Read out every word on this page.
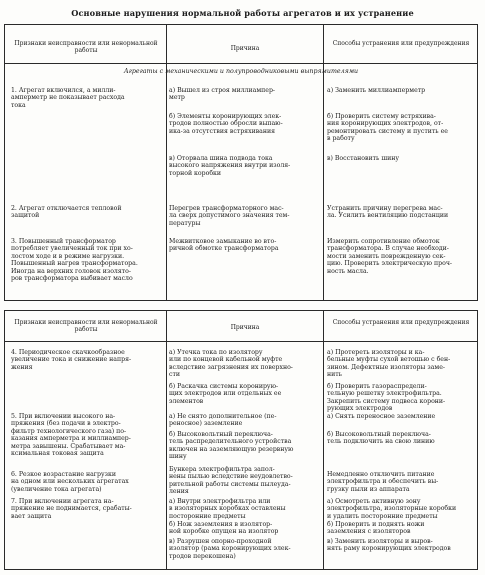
Основные нарушения нормальной работы агрегатов и их устранение
Признаки неисправности или ненормальной работы	Причина
Способы устранения или предупреждения
Агрегаты с механическими и полупроводниковыми выпрямителями
1. Агрегат включился, а милли-
амперметр не показывает расхода
тока
а) Вышел из строя миллиампер-
метр
а) Заменить миллиамперметр
б) Элементы коронирующих элек-
тродов полностью обросли выпаю-
ика-за отсутствия встряхивания
б) Проверить систему встряхива-
ния коронирующих электродов, от-
ремонтировать систему и пустить ее
в работу
в) Оторвала шина подвода тока
высокого напряжения внутри изоля-
торной коробки
в) Восстановить шину
2. Агрегат отключается тепловой
защитой
Перегрев трансформаторного мас-
ла сверх допустимого значения тем-
пературы
Устранить причину перегрева мас-
ла. Усилить вентиляцию подстанции
3. Повышенный трансформатор
потребляет увеличенный ток при хо-
лостом ходе и в режиме нагрузки.
Повышенный нагрев трансформатора.
Иногда на верхних головок изолято-
ров трансформатора выбивает масло
Межвитковое замыкание во вто-
ричной обмотке трансформатора
Измерить сопротивление обмоток
трансформатора. В случае необходи-
мости заменить поврежденную сек-
цию. Проверить электрическую проч-
ность масла.
Признаки неисправности или ненормальной работы	Причина
Способы устранения или предупреждения
4. Периодическое скачкообразное
увеличение тока и снижение напря-
жения
а) Утечка тока по изолятору
или по концевой кабельной муфте
вследствие загрязнения их поверхно-
сти
а) Протереть изоляторы и ка-
бельные муфты сухой ветошью с бен-
зином. Дефектные изоляторы заме-
нить
б) Раскачка системы коронирую-
щих электродов или отдельных ее
элементов
б) Проверить газораспредели-
тельную решетку электрофильтра.
Закрепить систему подвеса корони-
рующих электродов
5. При включении высокого на-
пряжения (без подачи в электро-
фильтр технологического газа) по-
казания амперметра и миллиампер-
метра завышены. Срабатывает ма-
ксимальная токовая защита
а) Не снято дополнительное (пе-
реносное) заземление
а) Снять переносное заземление
б) Высоковольтный переключа-
тель распределительного устройства
включен на заземляющую резервную
шину
б) Высоковольтный переключа-
тель подключить на свою линию
6. Резкое возрастание нагрузки
на одном или нескольких агрегатах
(увеличение тока агрегата)
Бункера электрофильтра запол-
нены пылью вследствие неудовлетво-
рительной работы системы пылеуда-
ления
Немедленно отключить питание
электрофильтра и обеспечить вы-
грузку пыли из аппарата
7. При включении агрегата на-
пряжение не поднимается, срабаты-
вает защита
а) Внутри электрофильтра или
в изоляторных коробках оставлены
посторонние предметы
а) Осмотреть активную зону
электрофильтра, изоляторные коробки
и удалить посторонние предметы
б) Нож заземления в изолятор-
ной коробке опущен на изолятор
б) Проверить и поднять ножи
заземления с изоляторов
в) Разрушен опорно-проходной
изолятор (рама коронирующих элек-
тродов перекошена)
в) Заменить изоляторы и выров-
нять раму коронирующих электродов
